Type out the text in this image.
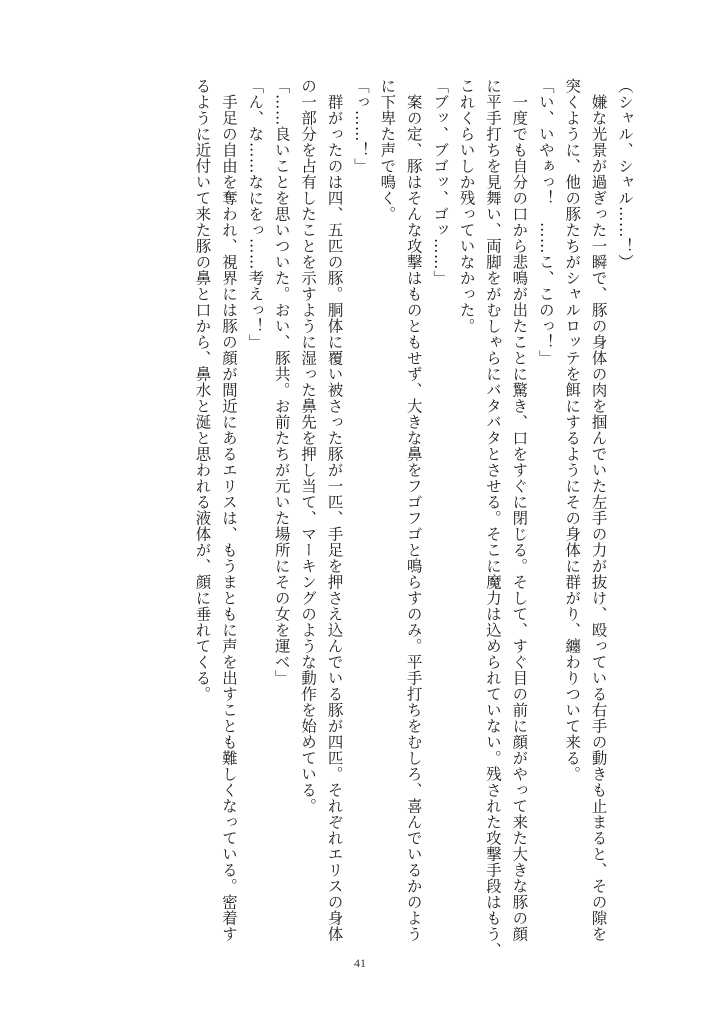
（シャル、シャル……！）

　嫌な光景が過ぎった一瞬で、豚の身体の肉を掴んでいた左手の力が抜け、殴っている右手の動きも止まると、その隙を

突くように、他の豚たちがシャルロッテを餌にするようにその身体に群がり、纏わりついて来る。

「い、いやぁっ！　……こ、このっ！」

　一度でも自分の口から悲鳴が出たことに驚き、口をすぐに閉じる。そして、すぐ目の前に顔がやって来た大きな豚の顔

に平手打ちを見舞い、両脚をがむしゃらにバタバタとさせる。そこに魔力は込められていない。残された攻撃手段はもう、

これくらいしか残っていなかった。

「ブッ、ブゴッ、ゴッ……」

　案の定、豚はそんな攻撃はものともせず、大きな鼻をフゴフゴと鳴らすのみ。平手打ちをむしろ、喜んでいるかのよう

に下卑た声で鳴く。

「っ……！」

　群がったのは四、五匹の豚。胴体に覆い被さった豚が一匹、手足を押さえ込んでいる豚が四匹。それぞれエリスの身体

の一部分を占有したことを示すように湿った鼻先を押し当て、マーキングのような動作を始めている。

「……良いことを思いついた。おい、豚共。お前たちが元いた場所にその女を運べ」

「ん、な……なにをっ……考えっ！」

　手足の自由を奪われ、視界には豚の顔が間近にあるエリスは、もうまともに声を出すことも難しくなっている。密着す

るように近付いて来た豚の鼻と口から、鼻水と涎と思われる液体が、顔に垂れてくる。

41
